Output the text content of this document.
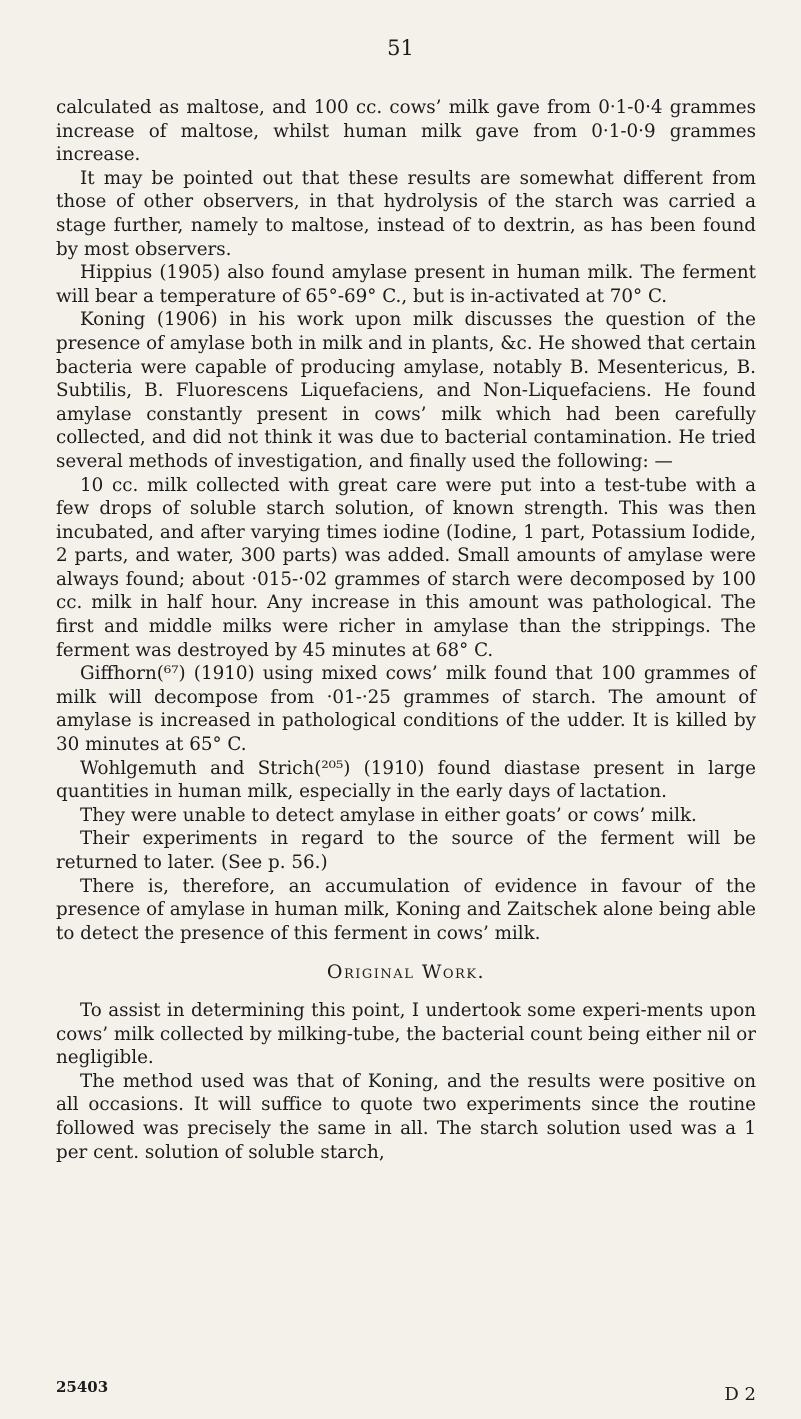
51

calculated as maltose, and 100 cc. cows’ milk gave from 0·1-0·4 grammes increase of maltose, whilst human milk gave from 0·1-0·9 grammes increase.

It may be pointed out that these results are somewhat different from those of other observers, in that hydrolysis of the starch was carried a stage further, namely to maltose, instead of to dextrin, as has been found by most observers.

Hippius (1905) also found amylase present in human milk. The ferment will bear a temperature of 65°-69° C., but is in-activated at 70° C.

Koning (1906) in his work upon milk discusses the question of the presence of amylase both in milk and in plants, &c. He showed that certain bacteria were capable of producing amylase, notably B. Mesentericus, B. Subtilis, B. Fluorescens Liquefaciens, and Non-Liquefaciens. He found amylase constantly present in cows’ milk which had been carefully collected, and did not think it was due to bacterial contamination. He tried several methods of investigation, and finally used the following: —

10 cc. milk collected with great care were put into a test-tube with a few drops of soluble starch solution, of known strength. This was then incubated, and after varying times iodine (Iodine, 1 part, Potassium Iodide, 2 parts, and water, 300 parts) was added. Small amounts of amylase were always found; about ·015-·02 grammes of starch were decomposed by 100 cc. milk in half hour. Any increase in this amount was pathological. The first and middle milks were richer in amylase than the strippings. The ferment was destroyed by 45 minutes at 68° C.

Giffhorn(⁶⁷) (1910) using mixed cows’ milk found that 100 grammes of milk will decompose from ·01-·25 grammes of starch. The amount of amylase is increased in pathological conditions of the udder. It is killed by 30 minutes at 65° C.

Wohlgemuth and Strich(²⁰⁵) (1910) found diastase present in large quantities in human milk, especially in the early days of lactation.

They were unable to detect amylase in either goats’ or cows’ milk.

Their experiments in regard to the source of the ferment will be returned to later. (See p. 56.)

There is, therefore, an accumulation of evidence in favour of the presence of amylase in human milk, Koning and Zaitschek alone being able to detect the presence of this ferment in cows’ milk.

Original Work.

To assist in determining this point, I undertook some experi-ments upon cows’ milk collected by milking-tube, the bacterial count being either nil or negligible.

The method used was that of Koning, and the results were positive on all occasions. It will suffice to quote two experiments since the routine followed was precisely the same in all. The starch solution used was a 1 per cent. solution of soluble starch,

25403	D 2
